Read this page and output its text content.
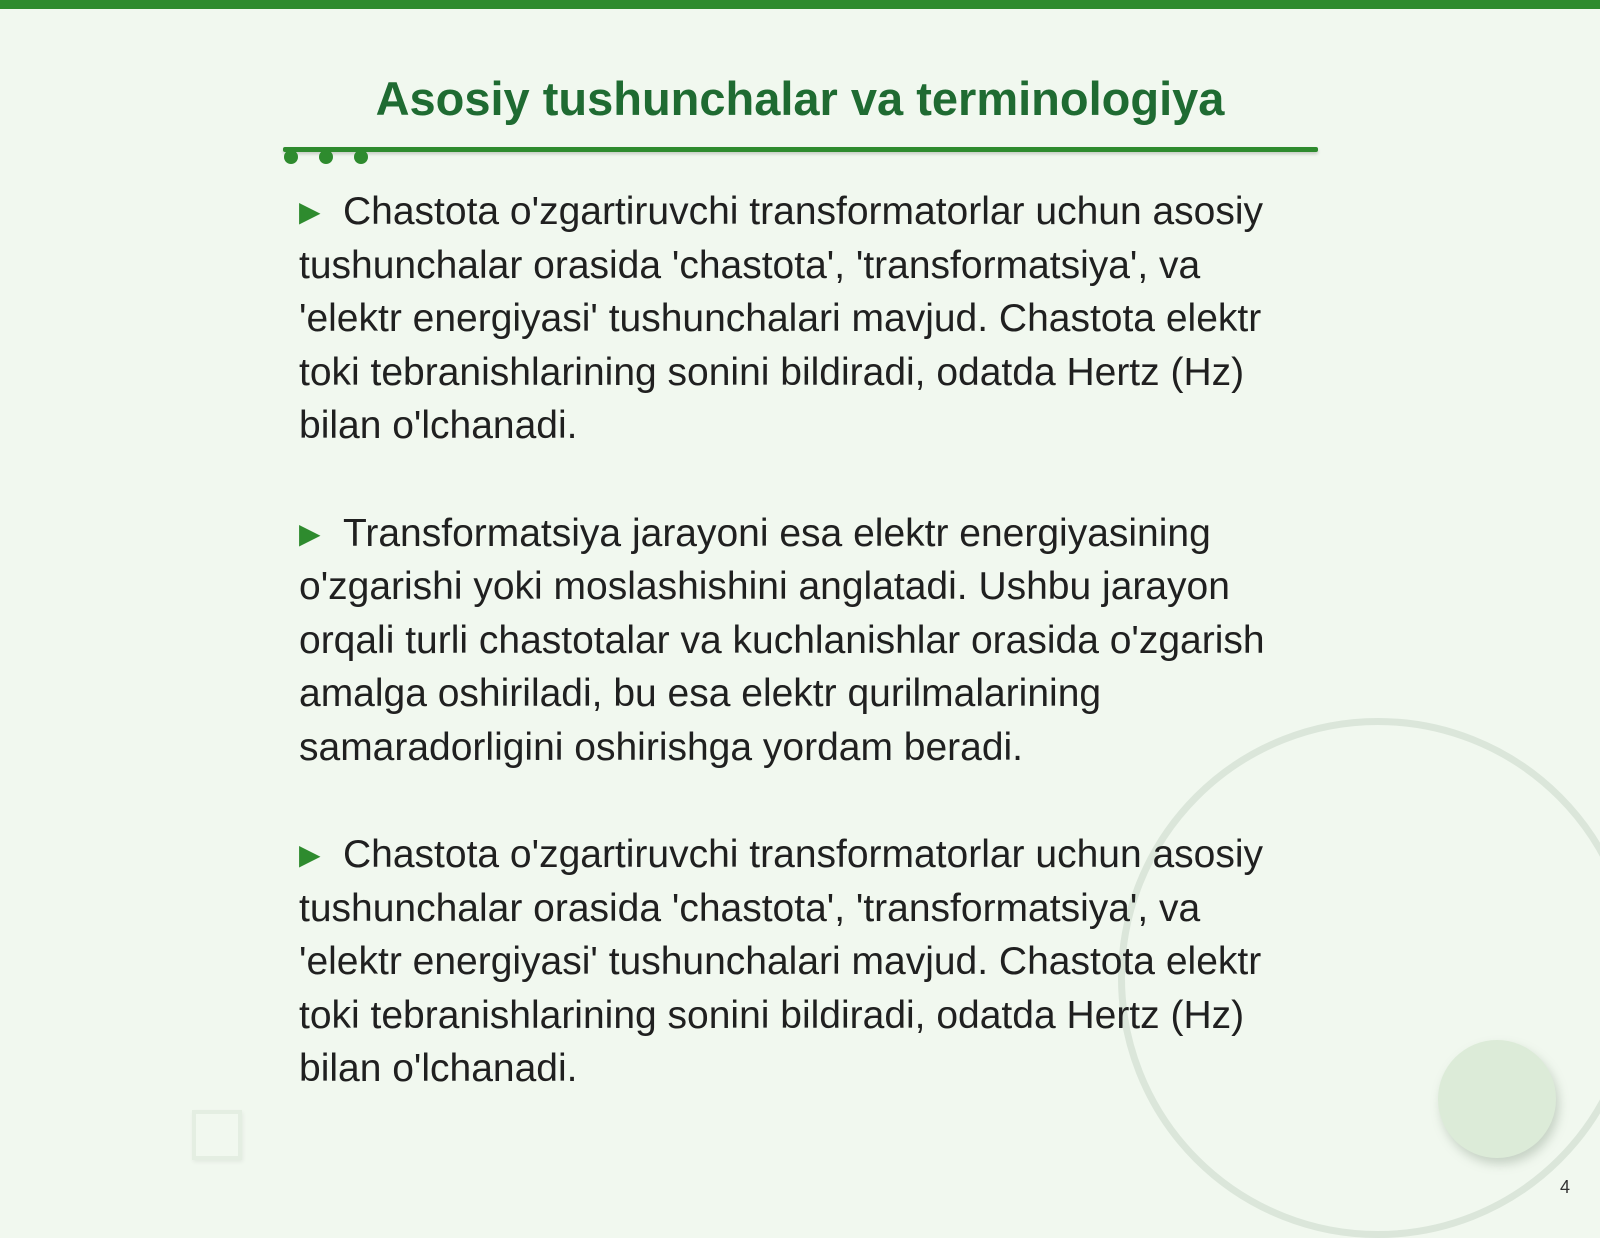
Asosiy tushunchalar va terminologiya

▶ Chastota o'zgartiruvchi transformatorlar uchun asosiy tushunchalar orasida 'chastota', 'transformatsiya', va 'elektr energiyasi' tushunchalari mavjud. Chastota elektr toki tebranishlarining sonini bildiradi, odatda Hertz (Hz) bilan o'lchanadi.

▶ Transformatsiya jarayoni esa elektr energiyasining o'zgarishi yoki moslashishini anglatadi. Ushbu jarayon orqali turli chastotalar va kuchlanishlar orasida o'zgarish amalga oshiriladi, bu esa elektr qurilmalarining samaradorligini oshirishga yordam beradi.

▶ Chastota o'zgartiruvchi transformatorlar uchun asosiy tushunchalar orasida 'chastota', 'transformatsiya', va 'elektr energiyasi' tushunchalari mavjud. Chastota elektr toki tebranishlarining sonini bildiradi, odatda Hertz (Hz) bilan o'lchanadi.

4
